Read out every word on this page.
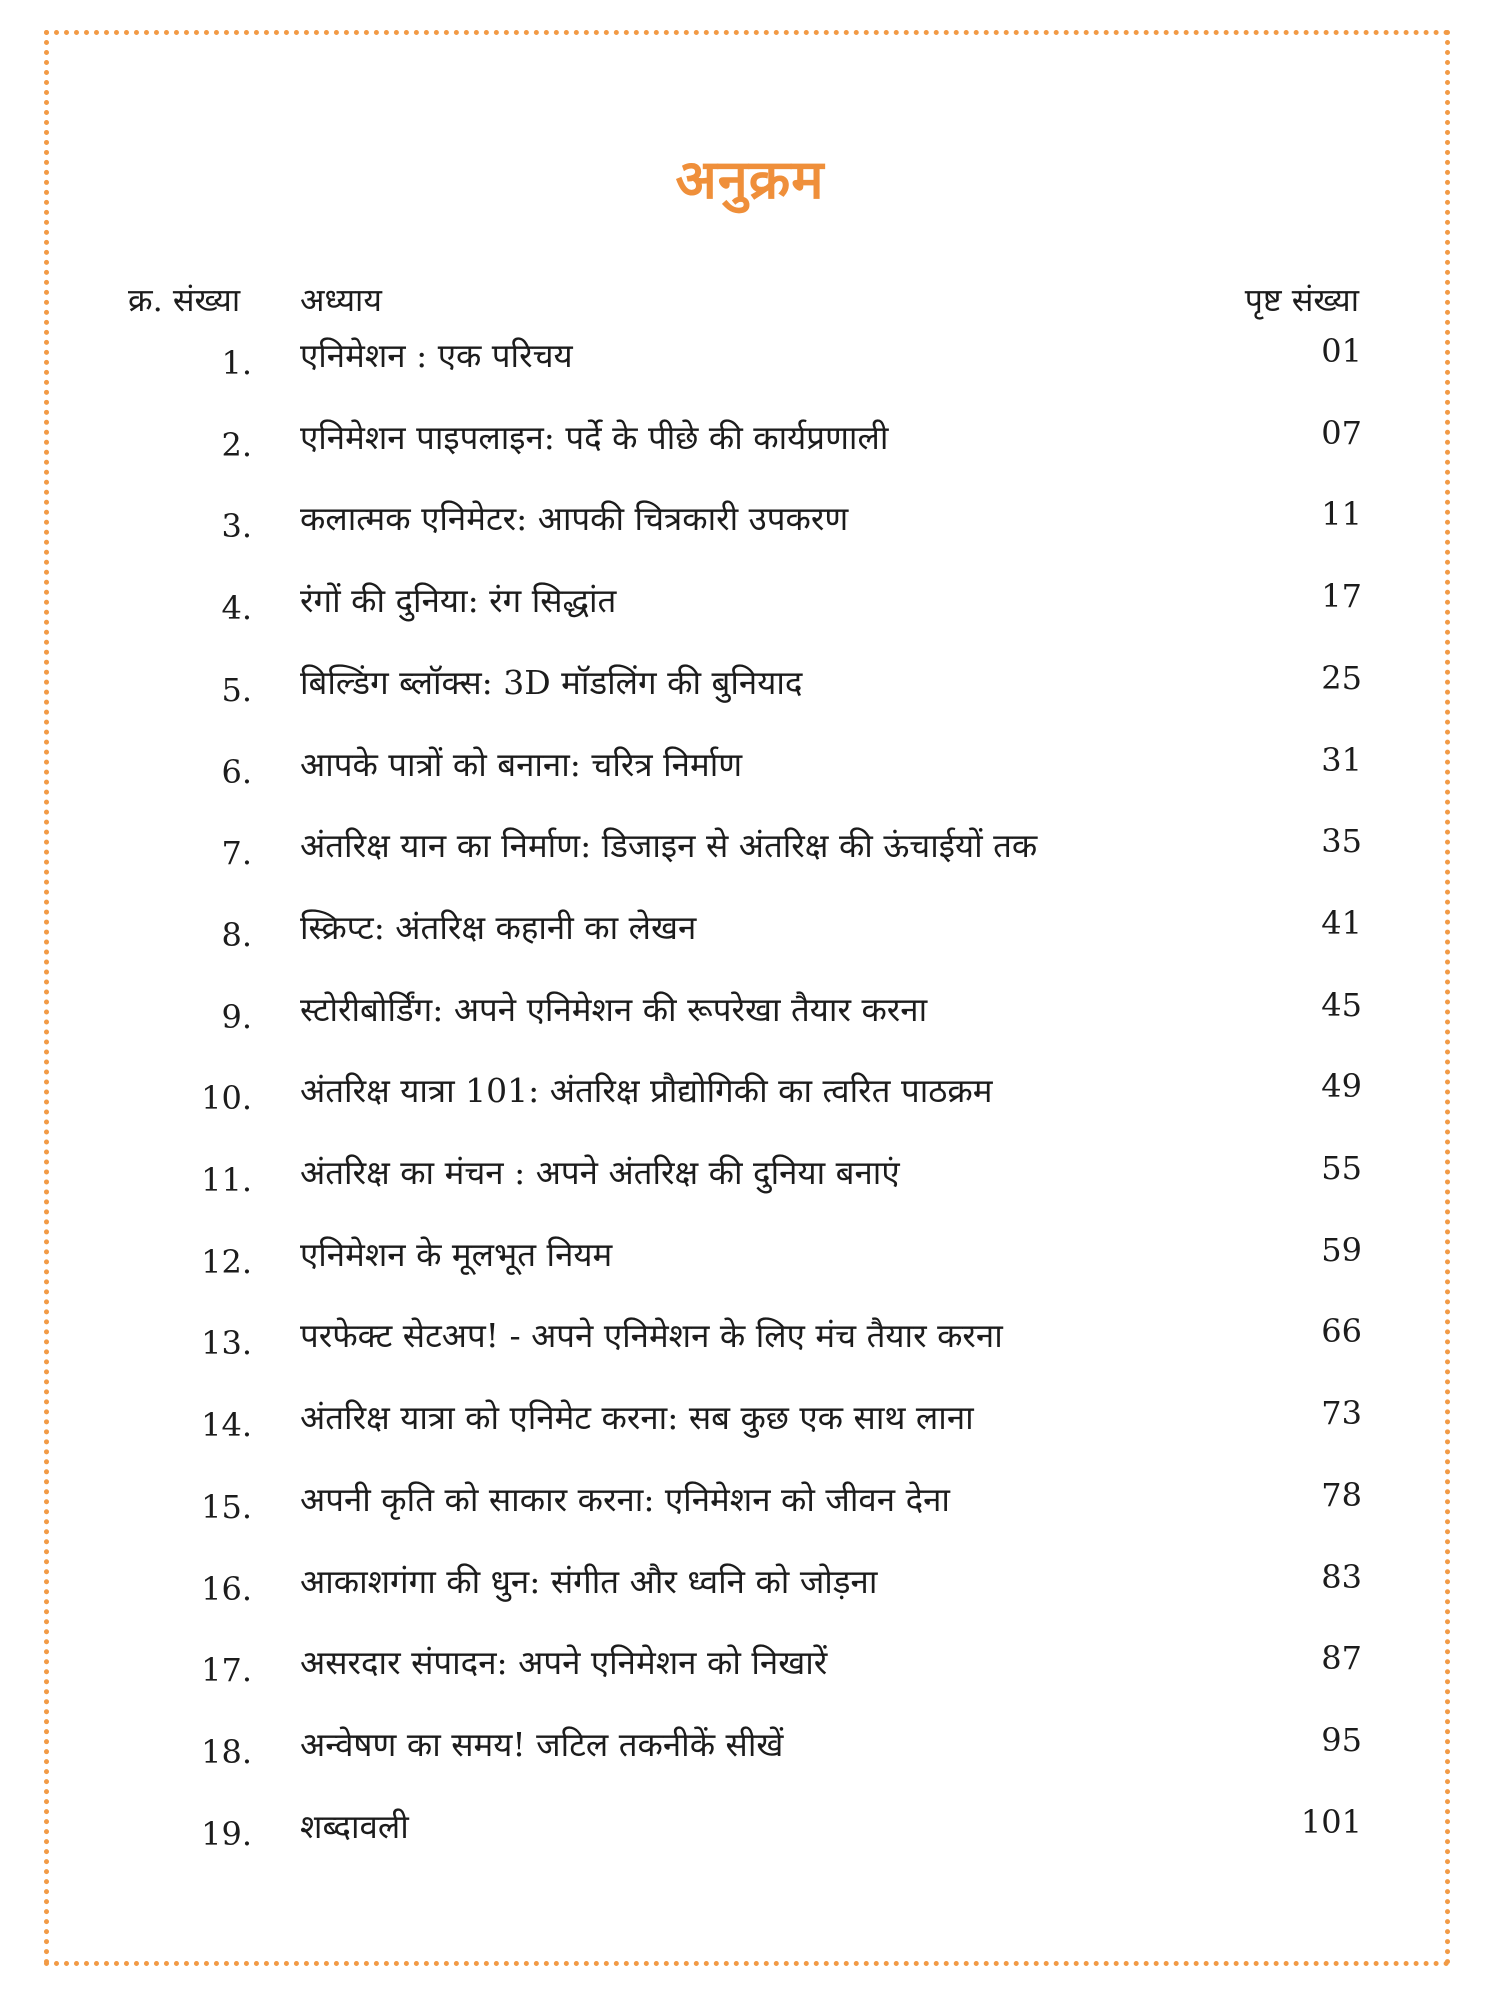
अनुक्रम
क्र. संख्या अध्याय	पृष्ट संख्या
1. एनिमेशन : एक परिचय	01
2. एनिमेशन पाइपलाइन: पर्दे के पीछे की कार्यप्रणाली	07
3. कलात्मक एनिमेटर: आपकी चित्रकारी उपकरण	11
4. रंगों की दुनिया: रंग सिद्धांत	17
5. बिल्डिंग ब्लॉक्स: 3D मॉडलिंग की बुनियाद	25
6. आपके पात्रों को बनाना: चरित्र निर्माण	31
7. अंतरिक्ष यान का निर्माण: डिजाइन से अंतरिक्ष की ऊंचाईयों तक	35
8. स्क्रिप्ट: अंतरिक्ष कहानी का लेखन	41
9. स्टोरीबोर्डिंग: अपने एनिमेशन की रूपरेखा तैयार करना	45
10. अंतरिक्ष यात्रा 101: अंतरिक्ष प्रौद्योगिकी का त्वरित पाठक्रम	49
11. अंतरिक्ष का मंचन : अपने अंतरिक्ष की दुनिया बनाएं	55
12. एनिमेशन के मूलभूत नियम	59
13. परफेक्ट सेटअप! - अपने एनिमेशन के लिए मंच तैयार करना	66
14. अंतरिक्ष यात्रा को एनिमेट करना: सब कुछ एक साथ लाना	73
15. अपनी कृति को साकार करना: एनिमेशन को जीवन देना	78
16. आकाशगंगा की धुन: संगीत और ध्वनि को जोड़ना	83
17. असरदार संपादन: अपने एनिमेशन को निखारें	87
18. अन्वेषण का समय! जटिल तकनीकें सीखें	95
19. शब्दावली	101
